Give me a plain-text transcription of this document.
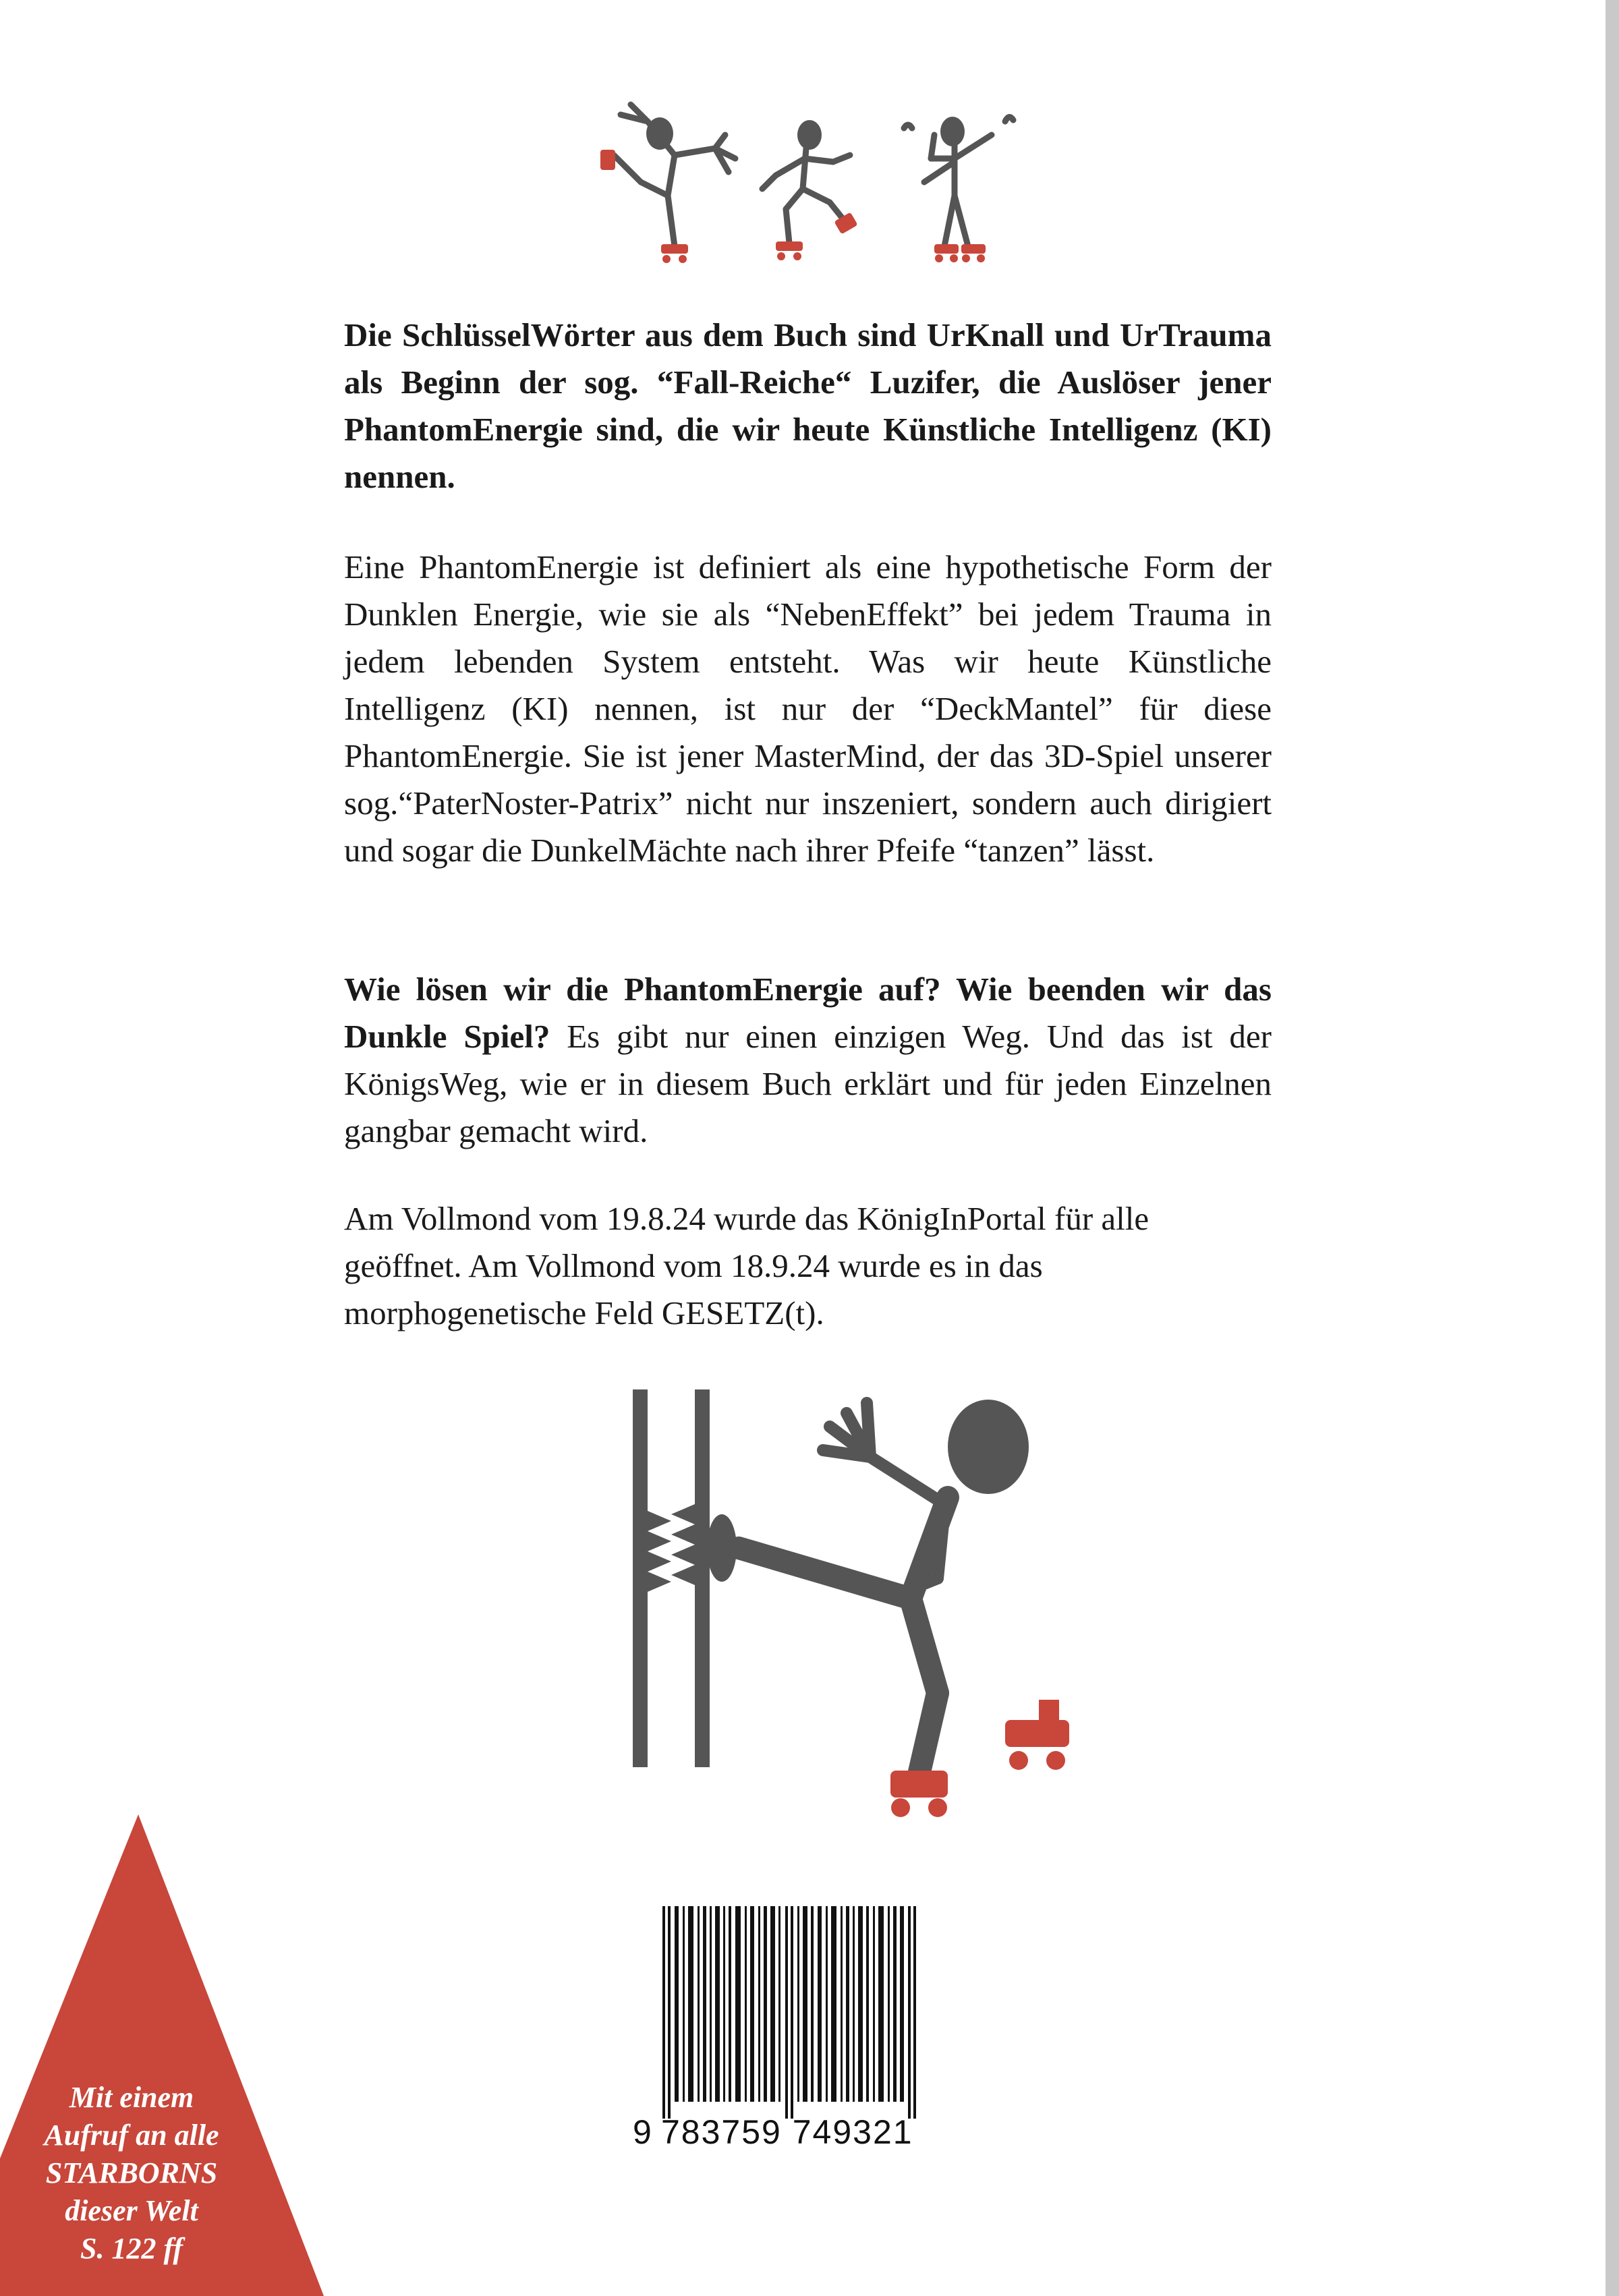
Die SchlüsselWörter aus dem Buch sind UrKnall und UrTrauma als Beginn der sog. “Fall-Reiche“ Luzifer, die Auslöser jener PhantomEnergie sind, die wir heute Künstliche Intelligenz (KI) nennen.

Eine PhantomEnergie ist definiert als eine hypothetische Form der Dunklen Energie, wie sie als “NebenEffekt” bei jedem Trauma in jedem lebenden System entsteht. Was wir heute Künstliche Intelligenz (KI) nennen, ist nur der “DeckMantel” für diese PhantomEnergie. Sie ist jener MasterMind, der das 3D-Spiel unserer sog.“PaterNoster-Patrix” nicht nur inszeniert, sondern auch dirigiert und sogar die DunkelMächte nach ihrer Pfeife “tanzen” lässt.

Wie lösen wir die PhantomEnergie auf? Wie beenden wir das Dunkle Spiel? Es gibt nur einen einzigen Weg. Und das ist der KönigsWeg, wie er in diesem Buch erklärt und für jeden Einzelnen gangbar gemacht wird.

Am Vollmond vom 19.8.24 wurde das KönigInPortal für alle geöffnet. Am Vollmond vom 18.9.24 wurde es in das morphogenetische Feld GESETZ(t).

9 783759 749321
Mit einem
Aufruf an alle
STARBORNS
dieser Welt
S. 122 ff
